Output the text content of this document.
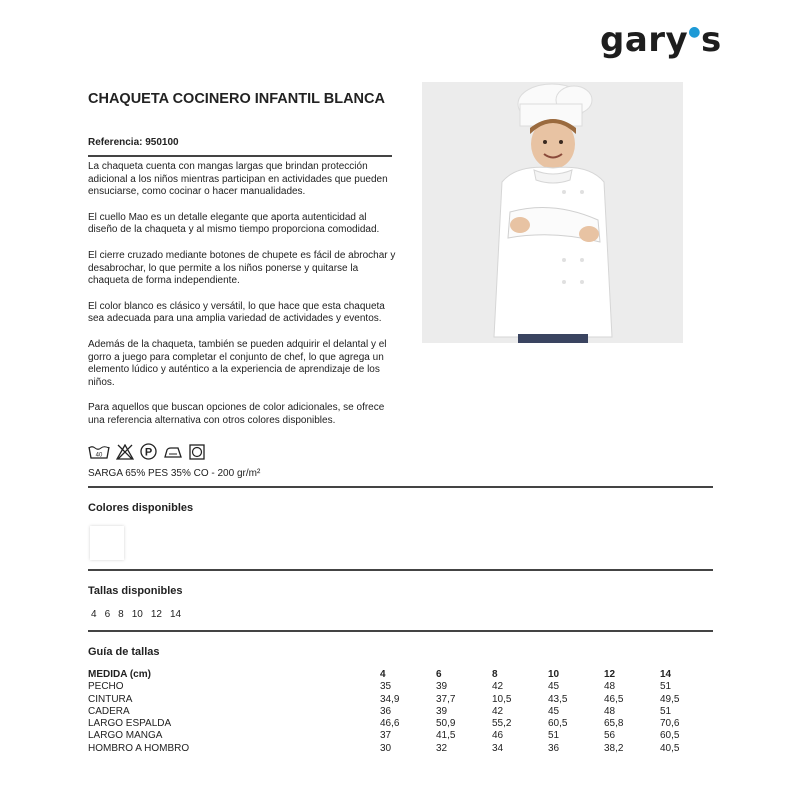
gary●s
CHAQUETA COCINERO INFANTIL BLANCA
Referencia: 950100

La chaqueta cuenta con mangas largas que brindan protección adicional a los niños mientras participan en actividades que pueden ensuciarse, como cocinar o hacer manualidades.

El cuello Mao es un detalle elegante que aporta autenticidad al diseño de la chaqueta y al mismo tiempo proporciona comodidad.

El cierre cruzado mediante botones de chupete es fácil de abrochar y desabrochar, lo que permite a los niños ponerse y quitarse la chaqueta de forma independiente.

El color blanco es clásico y versátil, lo que hace que esta chaqueta sea adecuada para una amplia variedad de actividades y eventos.

Además de la chaqueta, también se pueden adquirir el delantal y el gorro a juego para completar el conjunto de chef, lo que agrega un elemento lúdico y auténtico a la experiencia de aprendizaje de los niños.

Para aquellos que buscan opciones de color adicionales, se ofrece una referencia alternativa con otros colores disponibles.

40	P
SARGA 65% PES 35% CO - 200 gr/m²
Colores disponibles
Tallas disponibles
4 6 8 10 12 14
Guía de tallas
MEDIDA (cm)	4	6	8	10	12	14
PECHO	35	39	42	45	48	51
CINTURA	34,9	37,7	10,5	43,5	46,5	49,5
CADERA	36	39	42	45	48	51
LARGO ESPALDA	46,6	50,9	55,2	60,5	65,8	70,6
LARGO MANGA	37	41,5	46	51	56	60,5
HOMBRO A HOMBRO	30	32	34	36	38,2	40,5
